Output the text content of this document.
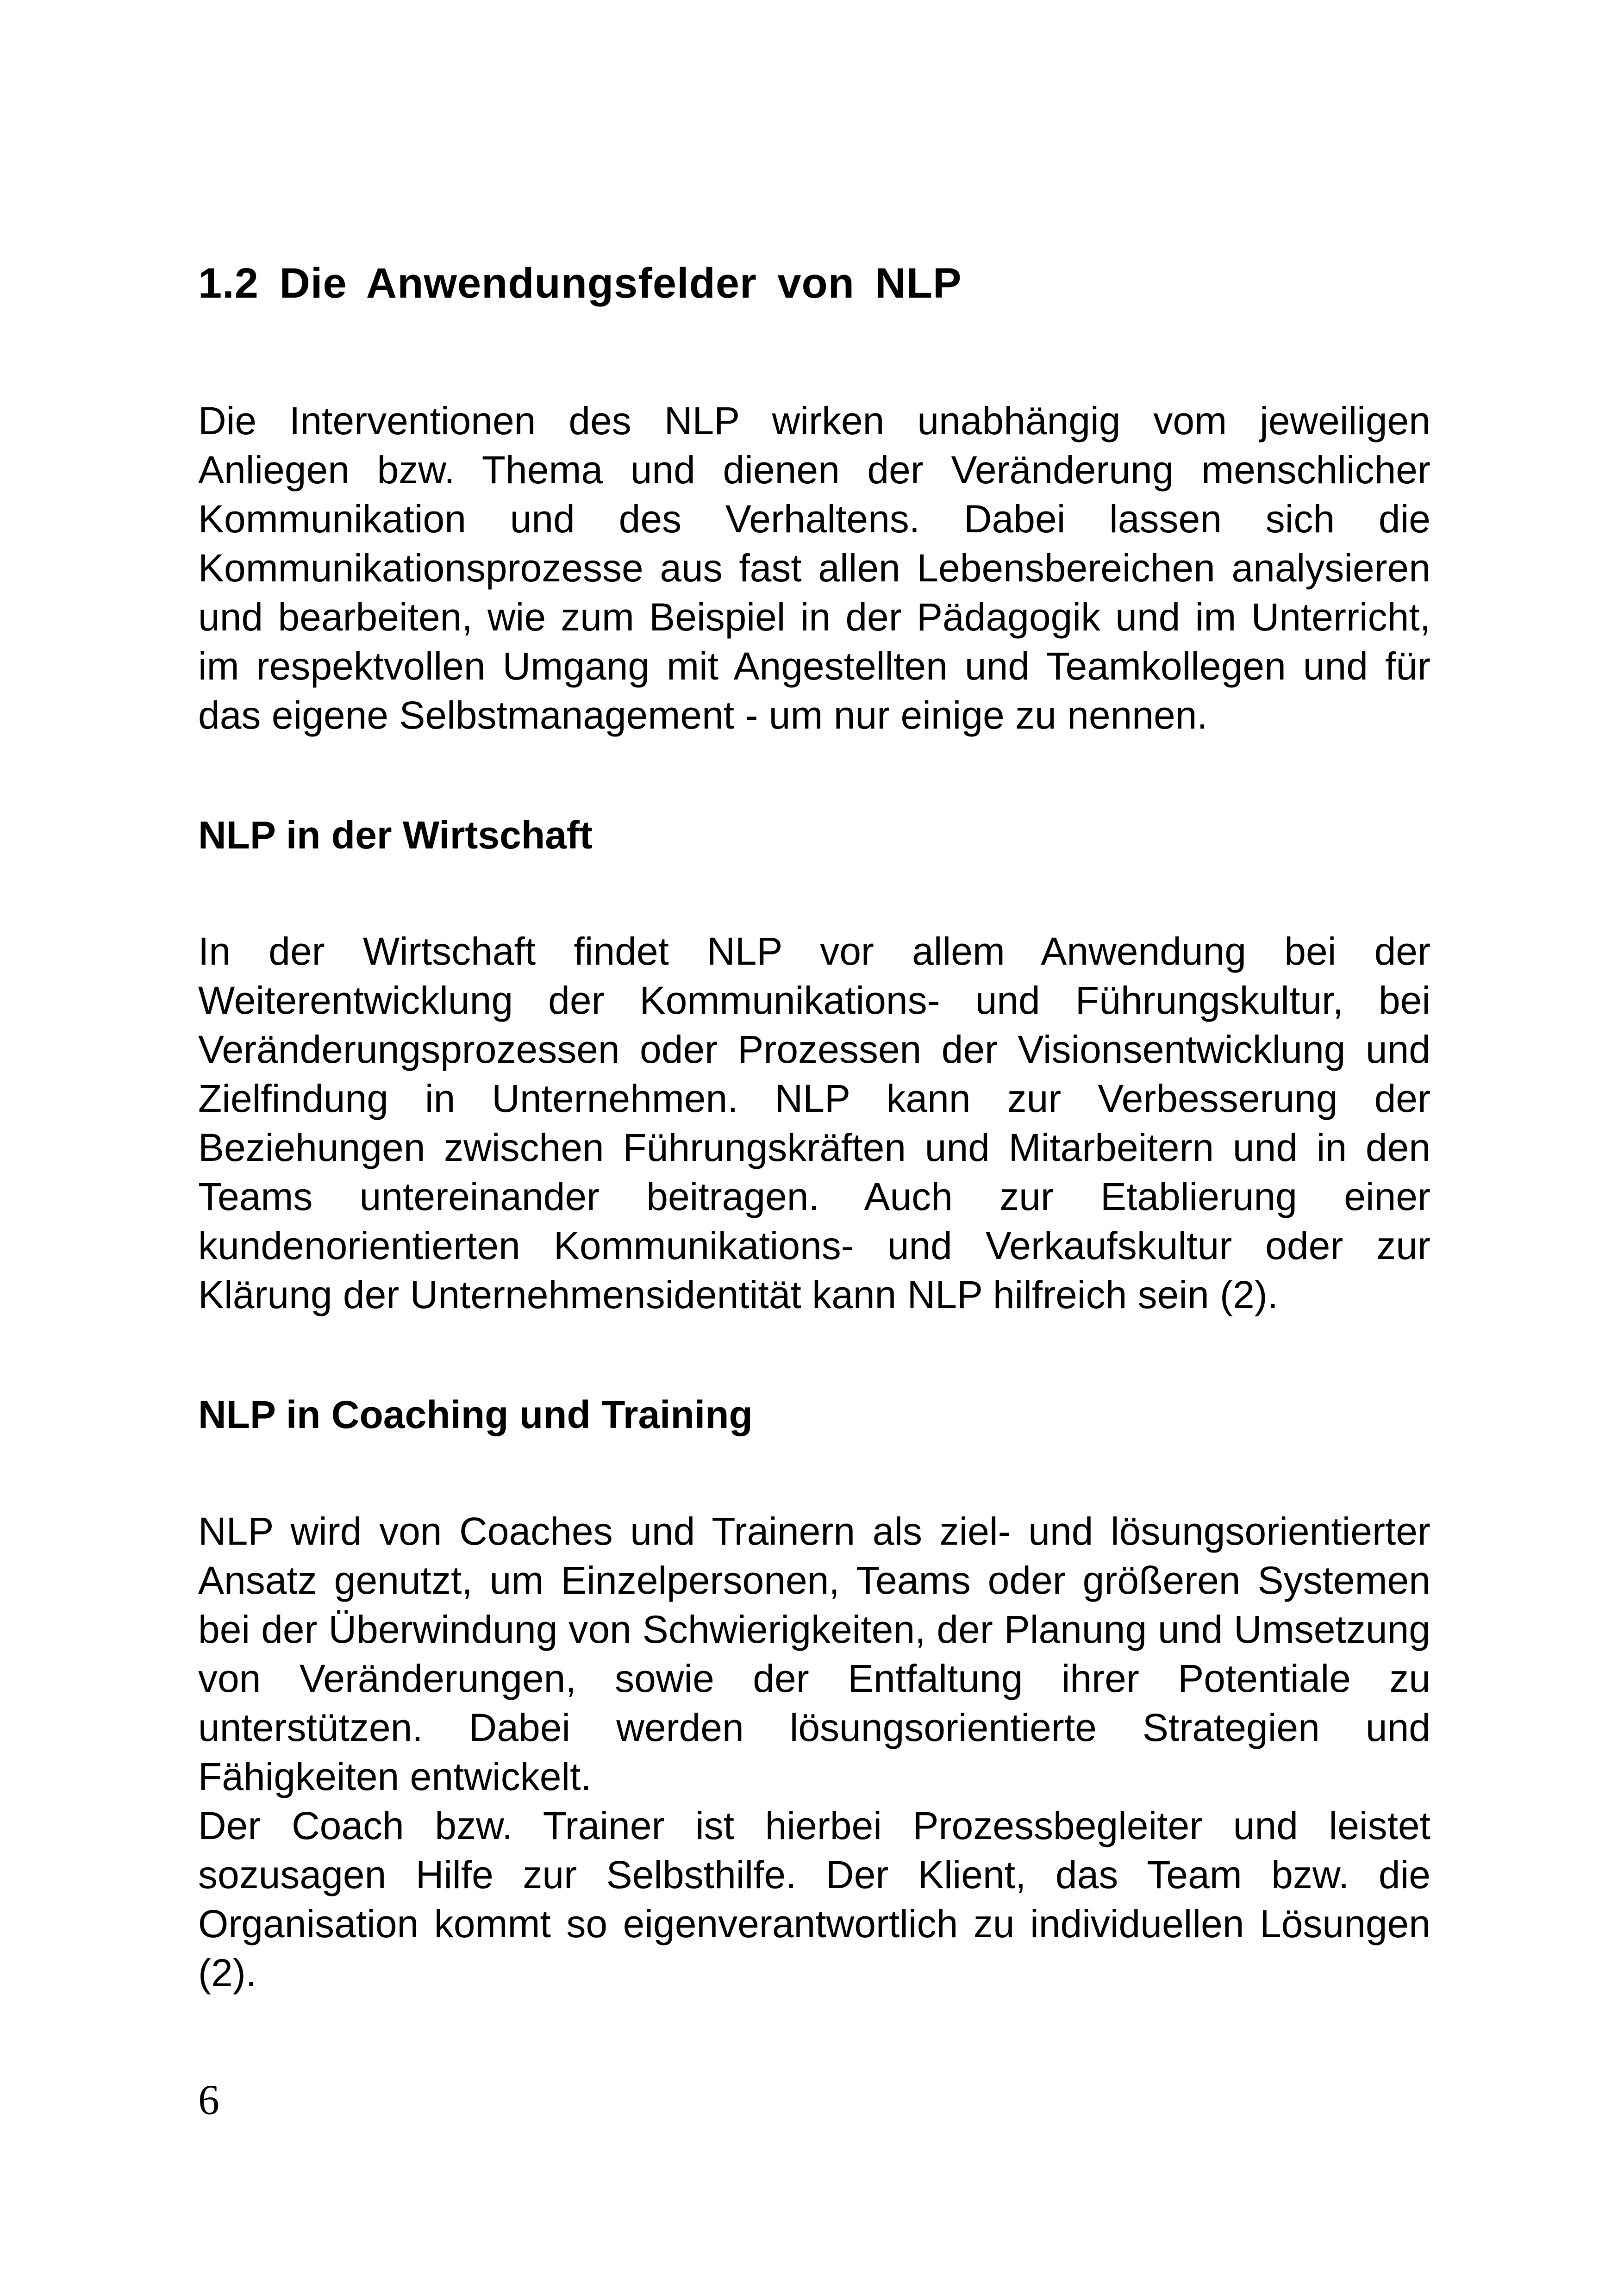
1.2 Die Anwendungsfelder von NLP

Die Interventionen des NLP wirken unabhängig vom jeweiligen Anliegen bzw. Thema und dienen der Veränderung menschlicher Kommunikation und des Verhaltens. Dabei lassen sich die Kommunikationsprozesse aus fast allen Lebensbereichen analysieren und bearbeiten, wie zum Beispiel in der Pädagogik und im Unterricht, im respektvollen Umgang mit Angestellten und Teamkollegen und für das eigene Selbstmanagement - um nur einige zu nennen.

NLP in der Wirtschaft

In der Wirtschaft findet NLP vor allem Anwendung bei der Weiterentwicklung der Kommunikations- und Führungskultur, bei Veränderungsprozessen oder Prozessen der Visionsentwicklung und Zielfindung in Unternehmen. NLP kann zur Verbesserung der Beziehungen zwischen Führungskräften und Mitarbeitern und in den Teams untereinander beitragen. Auch zur Etablierung einer kundenorientierten Kommunikations- und Verkaufskultur oder zur Klärung der Unternehmensidentität kann NLP hilfreich sein (2).

NLP in Coaching und Training

NLP wird von Coaches und Trainern als ziel- und lösungsorientierter Ansatz genutzt, um Einzelpersonen, Teams oder größeren Systemen bei der Überwindung von Schwierigkeiten, der Planung und Umsetzung von Veränderungen, sowie der Entfaltung ihrer Potentiale zu unterstützen. Dabei werden lösungsorientierte Strategien und Fähigkeiten entwickelt.

Der Coach bzw. Trainer ist hierbei Prozessbegleiter und leistet sozusagen Hilfe zur Selbsthilfe. Der Klient, das Team bzw. die Organisation kommt so eigenverantwortlich zu individuellen Lösungen (2).

6
